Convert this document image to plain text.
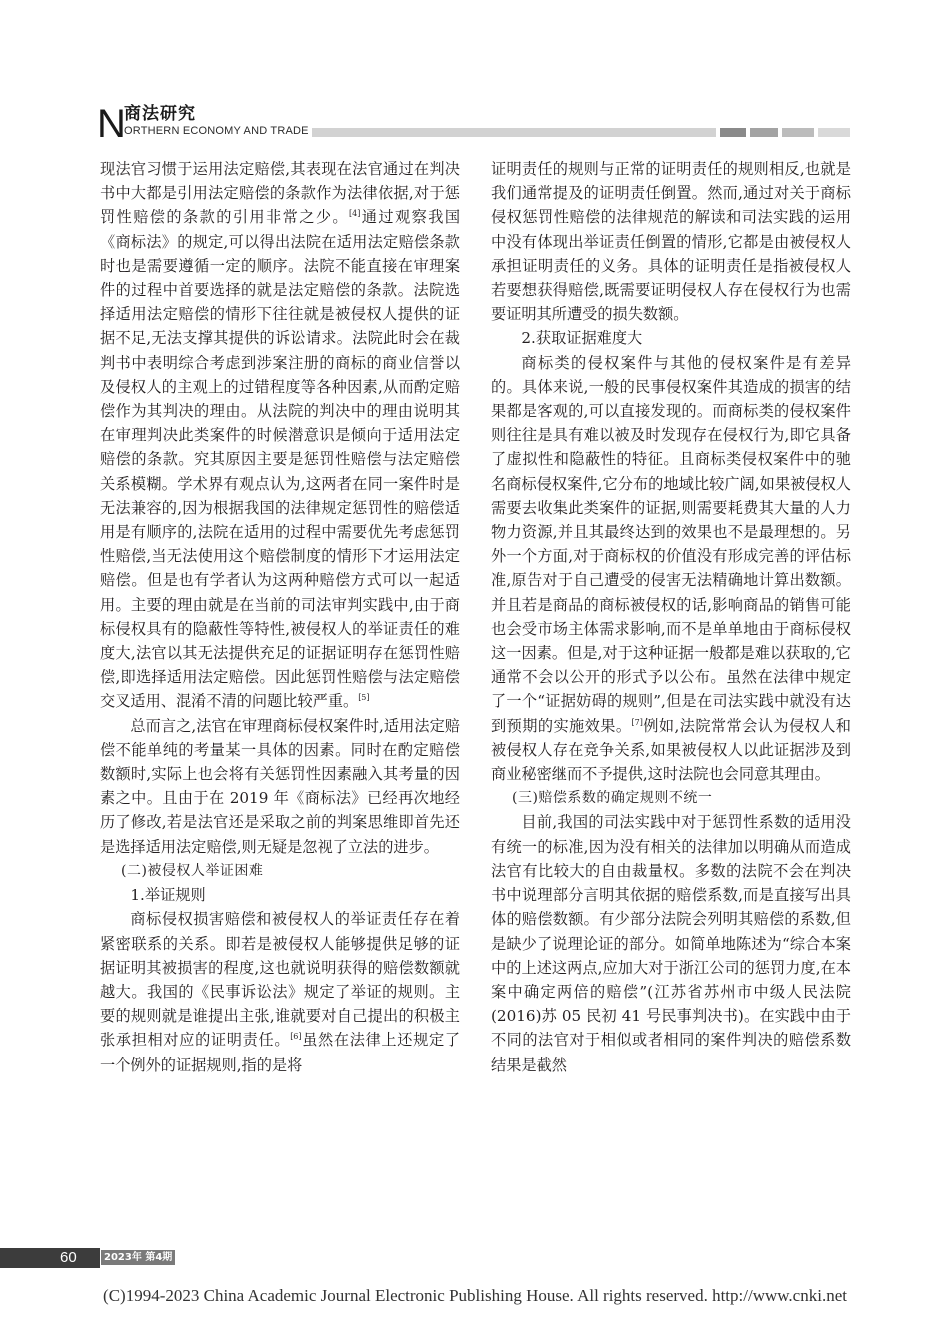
N
商法研究
ORTHERN ECONOMY AND TRADE

现法官习惯于运用法定赔偿,其表现在法官通过在判决书中大都是引用法定赔偿的条款作为法律依据,对于惩罚性赔偿的条款的引用非常之少。[4]通过观察我国《商标法》的规定,可以得出法院在适用法定赔偿条款时也是需要遵循一定的顺序。法院不能直接在审理案件的过程中首要选择的就是法定赔偿的条款。法院选择适用法定赔偿的情形下往往就是被侵权人提供的证据不足,无法支撑其提供的诉讼请求。法院此时会在裁判书中表明综合考虑到涉案注册的商标的商业信誉以及侵权人的主观上的过错程度等各种因素,从而酌定赔偿作为其判决的理由。从法院的判决中的理由说明其在审理判决此类案件的时候潜意识是倾向于适用法定赔偿的条款。究其原因主要是惩罚性赔偿与法定赔偿关系模糊。学术界有观点认为,这两者在同一案件时是无法兼容的,因为根据我国的法律规定惩罚性的赔偿适用是有顺序的,法院在适用的过程中需要优先考虑惩罚性赔偿,当无法使用这个赔偿制度的情形下才运用法定赔偿。但是也有学者认为这两种赔偿方式可以一起适用。主要的理由就是在当前的司法审判实践中,由于商标侵权具有的隐蔽性等特性,被侵权人的举证责任的难度大,法官以其无法提供充足的证据证明存在惩罚性赔偿,即选择适用法定赔偿。因此惩罚性赔偿与法定赔偿交叉适用、混淆不清的问题比较严重。[5]

总而言之,法官在审理商标侵权案件时,适用法定赔偿不能单纯的考量某一具体的因素。同时在酌定赔偿数额时,实际上也会将有关惩罚性因素融入其考量的因素之中。且由于在 2019 年《商标法》已经再次地经历了修改,若是法官还是采取之前的判案思维即首先还是选择适用法定赔偿,则无疑是忽视了立法的进步。

(二)被侵权人举证困难

1.举证规则

商标侵权损害赔偿和被侵权人的举证责任存在着紧密联系的关系。即若是被侵权人能够提供足够的证据证明其被损害的程度,这也就说明获得的赔偿数额就越大。我国的《民事诉讼法》规定了举证的规则。主要的规则就是谁提出主张,谁就要对自己提出的积极主张承担相对应的证明责任。[6]虽然在法律上还规定了一个例外的证据规则,指的是将

证明责任的规则与正常的证明责任的规则相反,也就是我们通常提及的证明责任倒置。然而,通过对关于商标侵权惩罚性赔偿的法律规范的解读和司法实践的运用中没有体现出举证责任倒置的情形,它都是由被侵权人承担证明责任的义务。具体的证明责任是指被侵权人若要想获得赔偿,既需要证明侵权人存在侵权行为也需要证明其所遭受的损失数额。

2.获取证据难度大

商标类的侵权案件与其他的侵权案件是有差异的。具体来说,一般的民事侵权案件其造成的损害的结果都是客观的,可以直接发现的。而商标类的侵权案件则往往是具有难以被及时发现存在侵权行为,即它具备了虚拟性和隐蔽性的特征。且商标类侵权案件中的驰名商标侵权案件,它分布的地域比较广阔,如果被侵权人需要去收集此类案件的证据,则需要耗费其大量的人力物力资源,并且其最终达到的效果也不是最理想的。另外一个方面,对于商标权的价值没有形成完善的评估标准,原告对于自己遭受的侵害无法精确地计算出数额。并且若是商品的商标被侵权的话,影响商品的销售可能也会受市场主体需求影响,而不是单单地由于商标侵权这一因素。但是,对于这种证据一般都是难以获取的,它通常不会以公开的形式予以公布。虽然在法律中规定了一个“证据妨碍的规则”,但是在司法实践中就没有达到预期的实施效果。[7]例如,法院常常会认为侵权人和被侵权人存在竞争关系,如果被侵权人以此证据涉及到商业秘密继而不予提供,这时法院也会同意其理由。

(三)赔偿系数的确定规则不统一

目前,我国的司法实践中对于惩罚性系数的适用没有统一的标准,因为没有相关的法律加以明确从而造成法官有比较大的自由裁量权。多数的法院不会在判决书中说理部分言明其依据的赔偿系数,而是直接写出具体的赔偿数额。有少部分法院会列明其赔偿的系数,但是缺少了说理论证的部分。如简单地陈述为“综合本案中的上述这两点,应加大对于浙江公司的惩罚力度,在本案中确定两倍的赔偿”(江苏省苏州市中级人民法院(2016)苏 05 民初 41 号民事判决书)。在实践中由于不同的法官对于相似或者相同的案件判决的赔偿系数结果是截然

60	2023年 第4期
(C)1994-2023 China Academic Journal Electronic Publishing House. All rights reserved. http://www.cnki.net
